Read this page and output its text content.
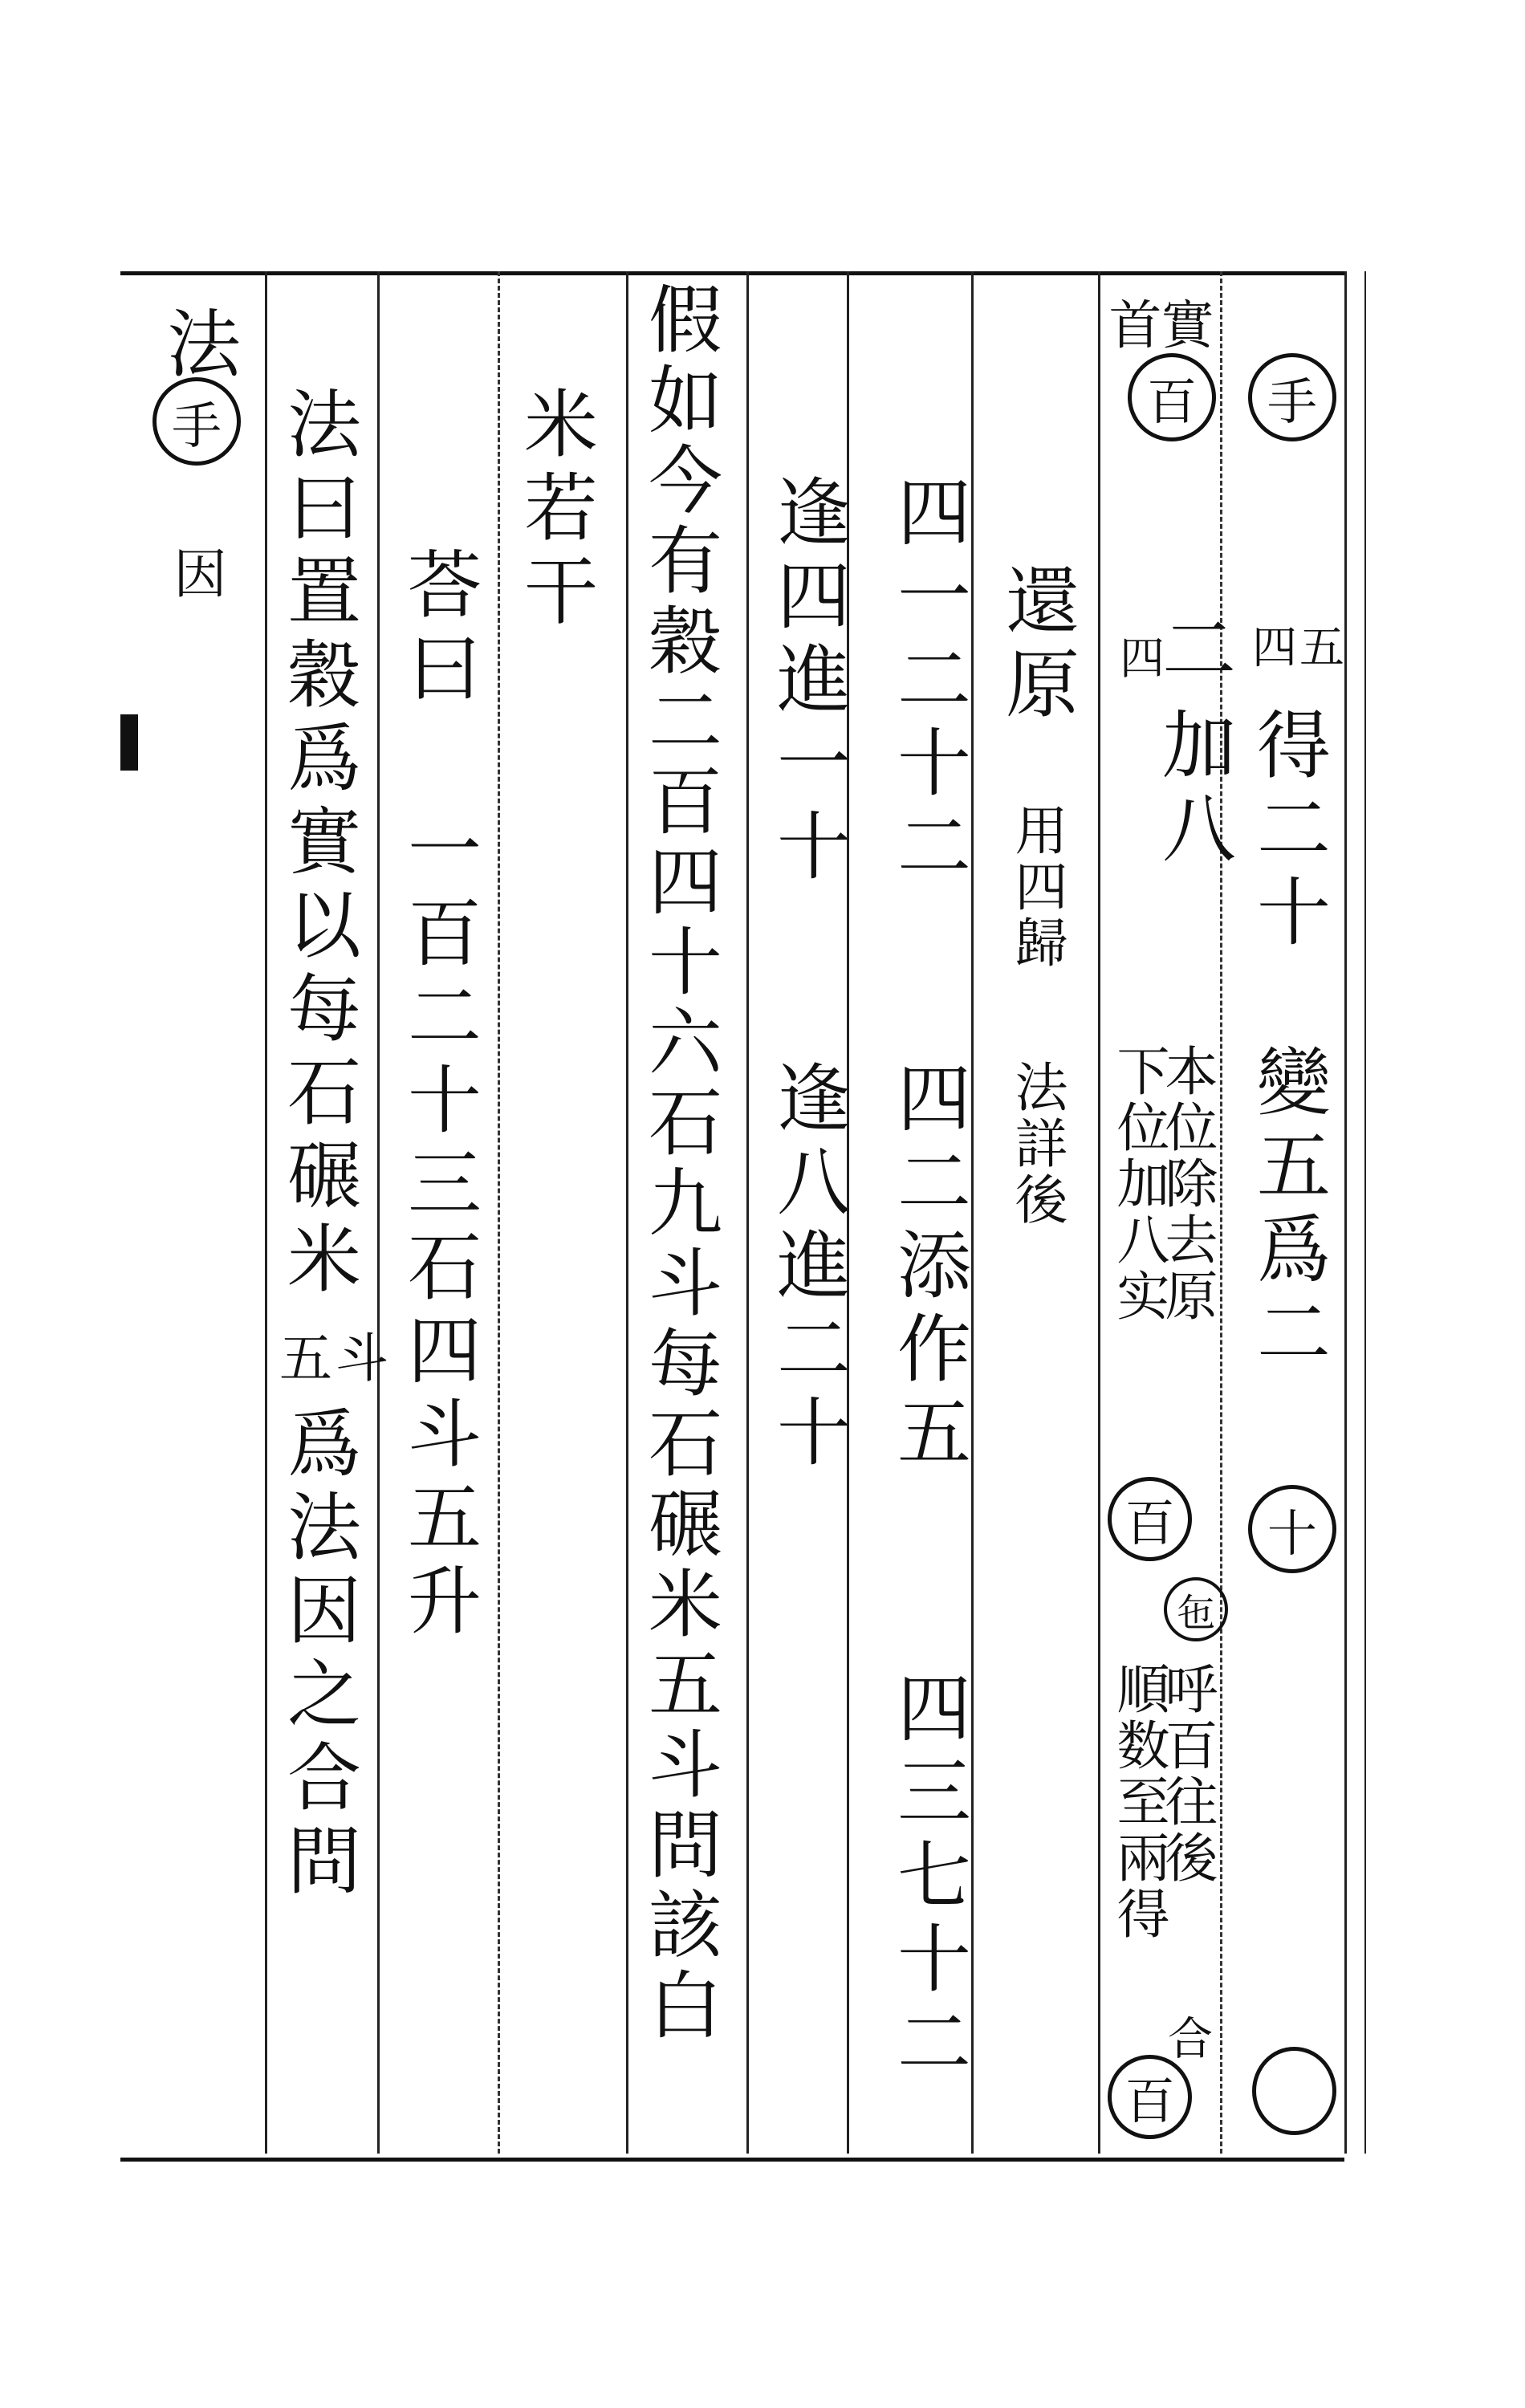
手
實
首
四五
得二十
變五爲二
十
二
加八
本位除去原
㐌
呼百往後
合
百
四
下位加八实
百
順数至兩得
百
還原
用四歸
法詳後
四一二十二
四二添作五
四三七十二
逢四進一十
逢八進二十
假如今有穀二百四十六石九斗每石碾米五斗問該白
米若干
荅曰
一百二十三石四斗五升
法曰置穀爲實以每石碾米
五斗
爲法因之合問
法
手
因
